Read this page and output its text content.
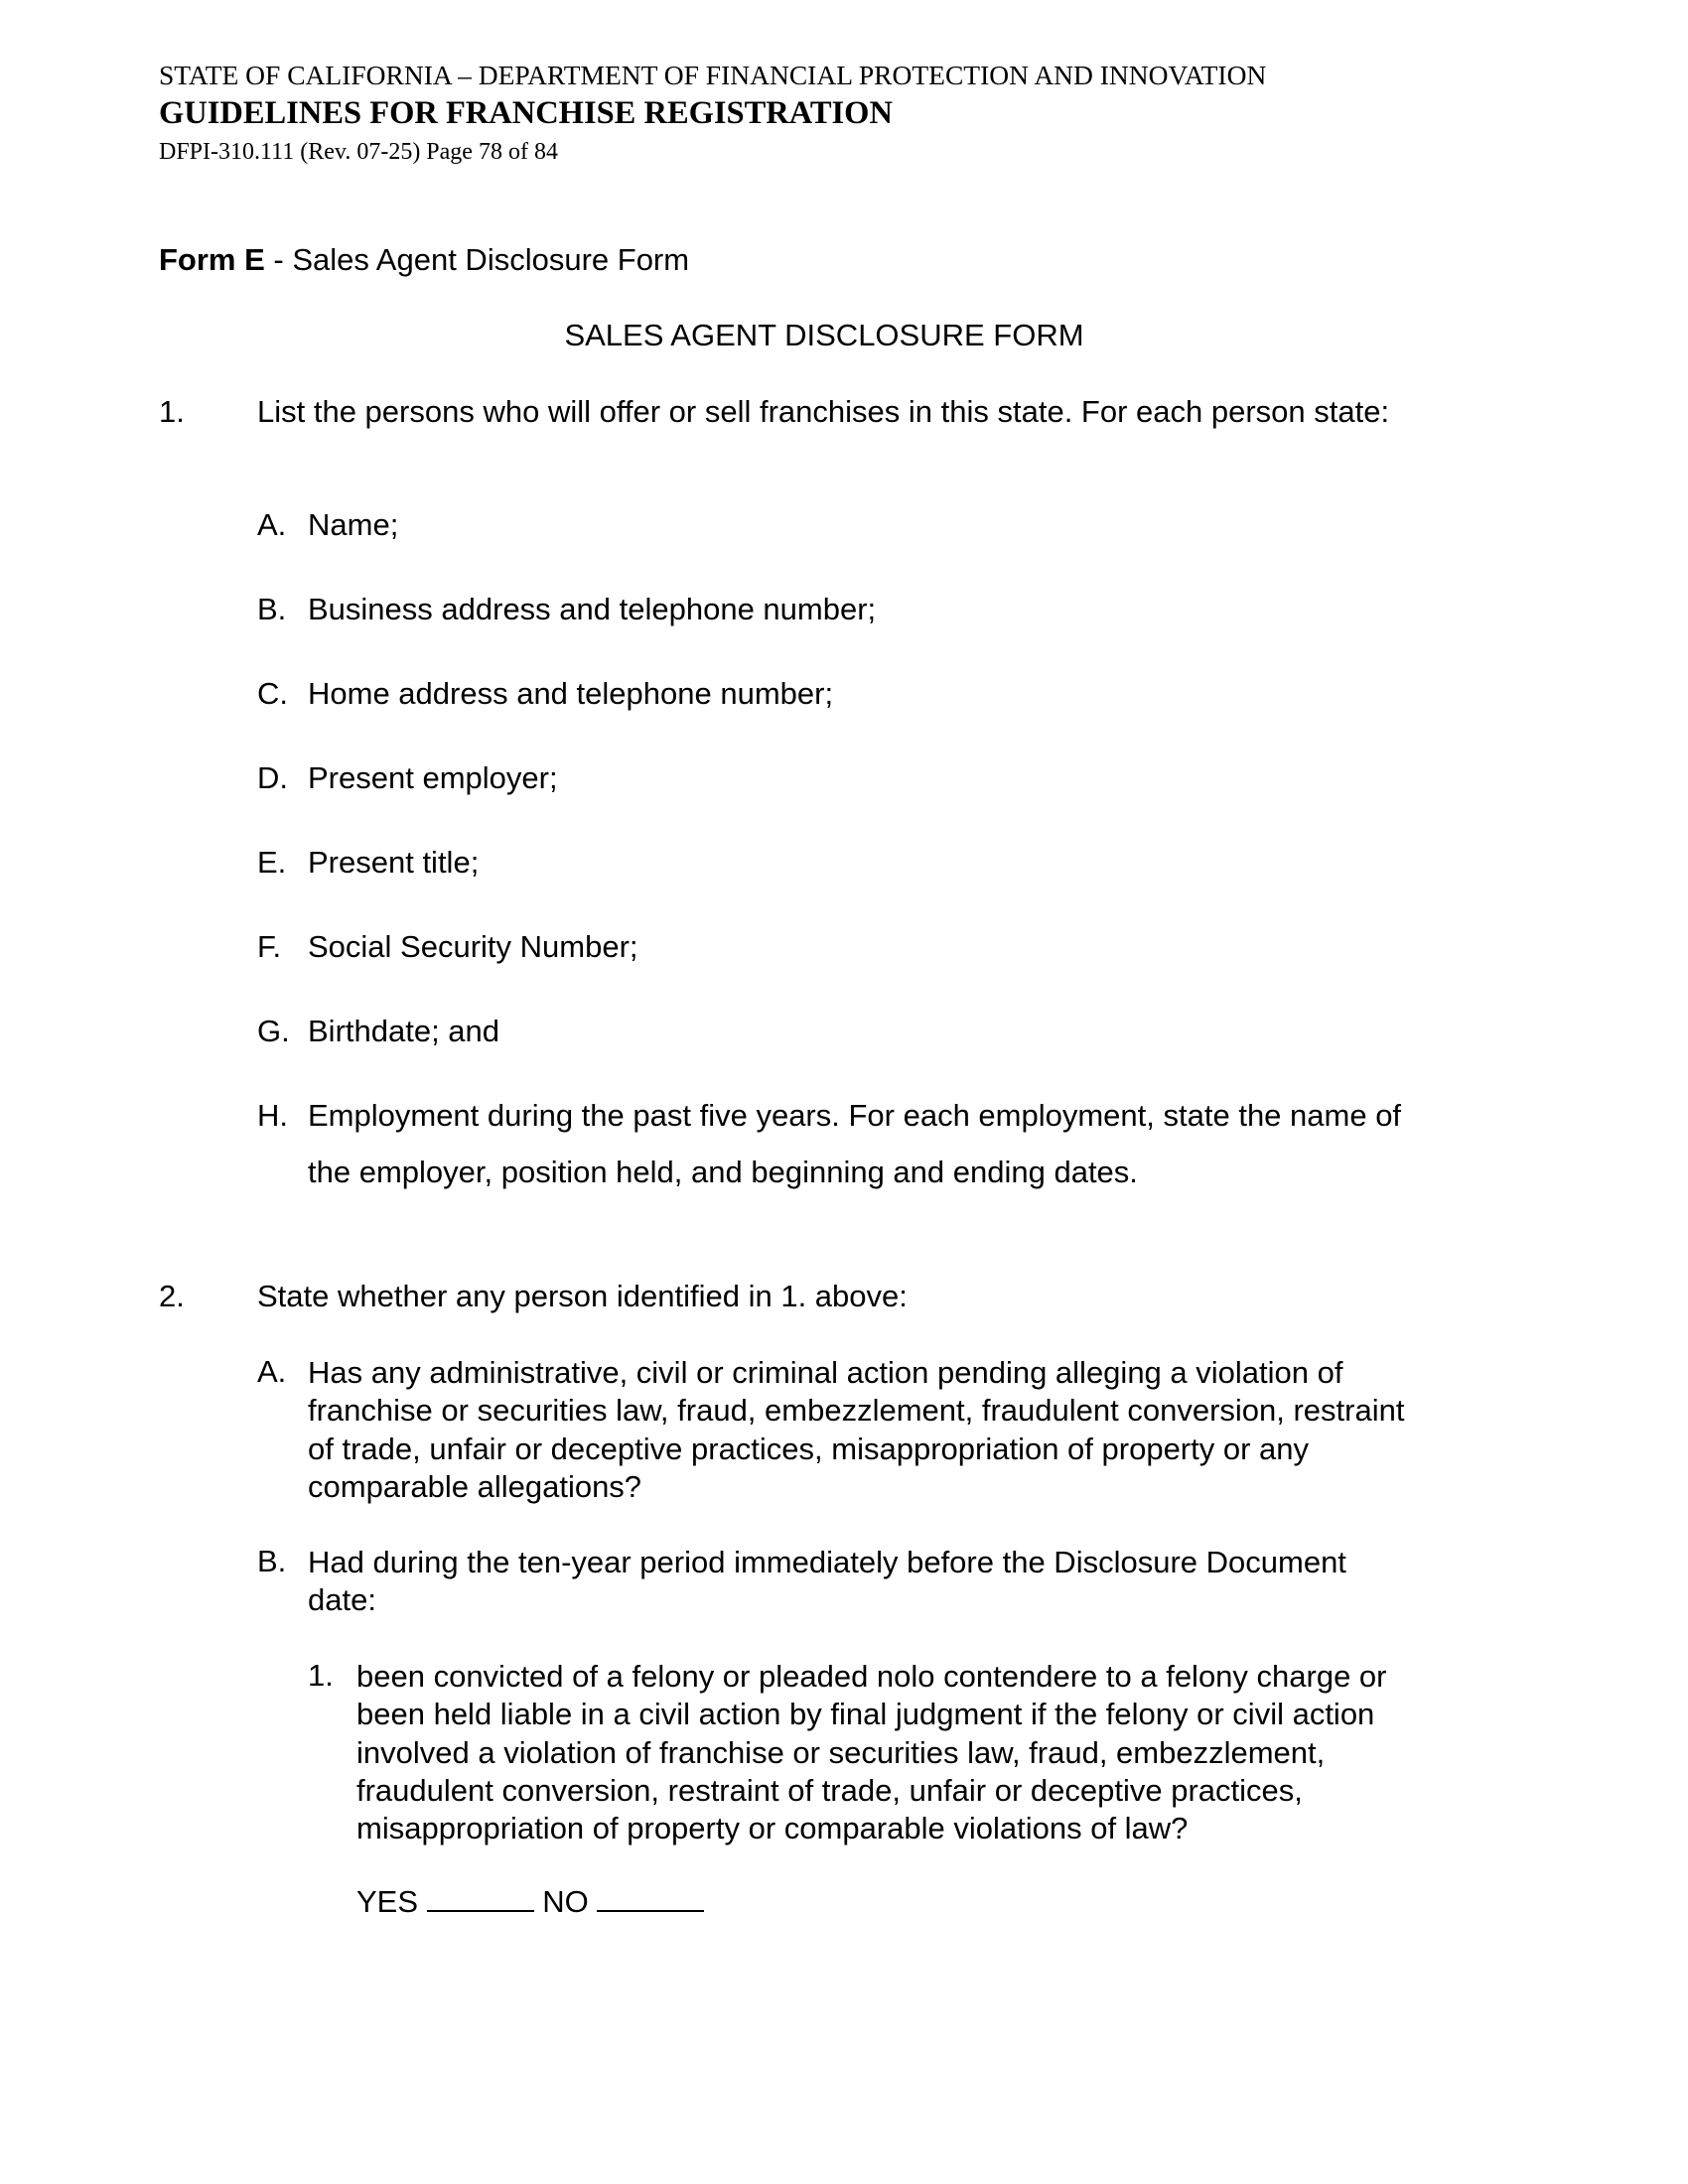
STATE OF CALIFORNIA – DEPARTMENT OF FINANCIAL PROTECTION AND INNOVATION
GUIDELINES FOR FRANCHISE REGISTRATION
DFPI-310.111 (Rev. 07-25) Page 78 of 84
Form E - Sales Agent Disclosure Form
SALES AGENT DISCLOSURE FORM
1. List the persons who will offer or sell franchises in this state. For each person state:
A. Name;
B. Business address and telephone number;
C. Home address and telephone number;
D. Present employer;
E. Present title;
F. Social Security Number;
G. Birthdate; and
H. Employment during the past five years. For each employment, state the name of
the employer, position held, and beginning and ending dates.
2. State whether any person identified in 1. above:
A. Has any administrative, civil or criminal action pending alleging a violation of
franchise or securities law, fraud, embezzlement, fraudulent conversion, restraint
of trade, unfair or deceptive practices, misappropriation of property or any
comparable allegations?
B. Had during the ten-year period immediately before the Disclosure Document
date:
1. been convicted of a felony or pleaded nolo contendere to a felony charge or
been held liable in a civil action by final judgment if the felony or civil action
involved a violation of franchise or securities law, fraud, embezzlement,
fraudulent conversion, restraint of trade, unfair or deceptive practices,
misappropriation of property or comparable violations of law?
YES	NO
